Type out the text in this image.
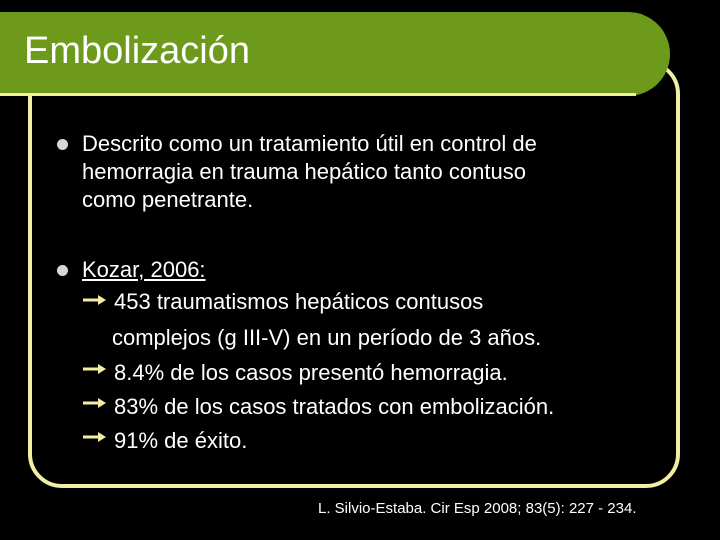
Embolización
Descrito como un tratamiento útil en control de
hemorragia en trauma hepático tanto contuso
como penetrante.
Kozar, 2006:
453 traumatismos hepáticos contusos
complejos (g III-V) en un período de 3 años.
8.4% de los casos presentó hemorragia.
83% de los casos tratados con embolización.
91% de éxito.
L. Silvio-Estaba. Cir Esp 2008; 83(5): 227 - 234.
